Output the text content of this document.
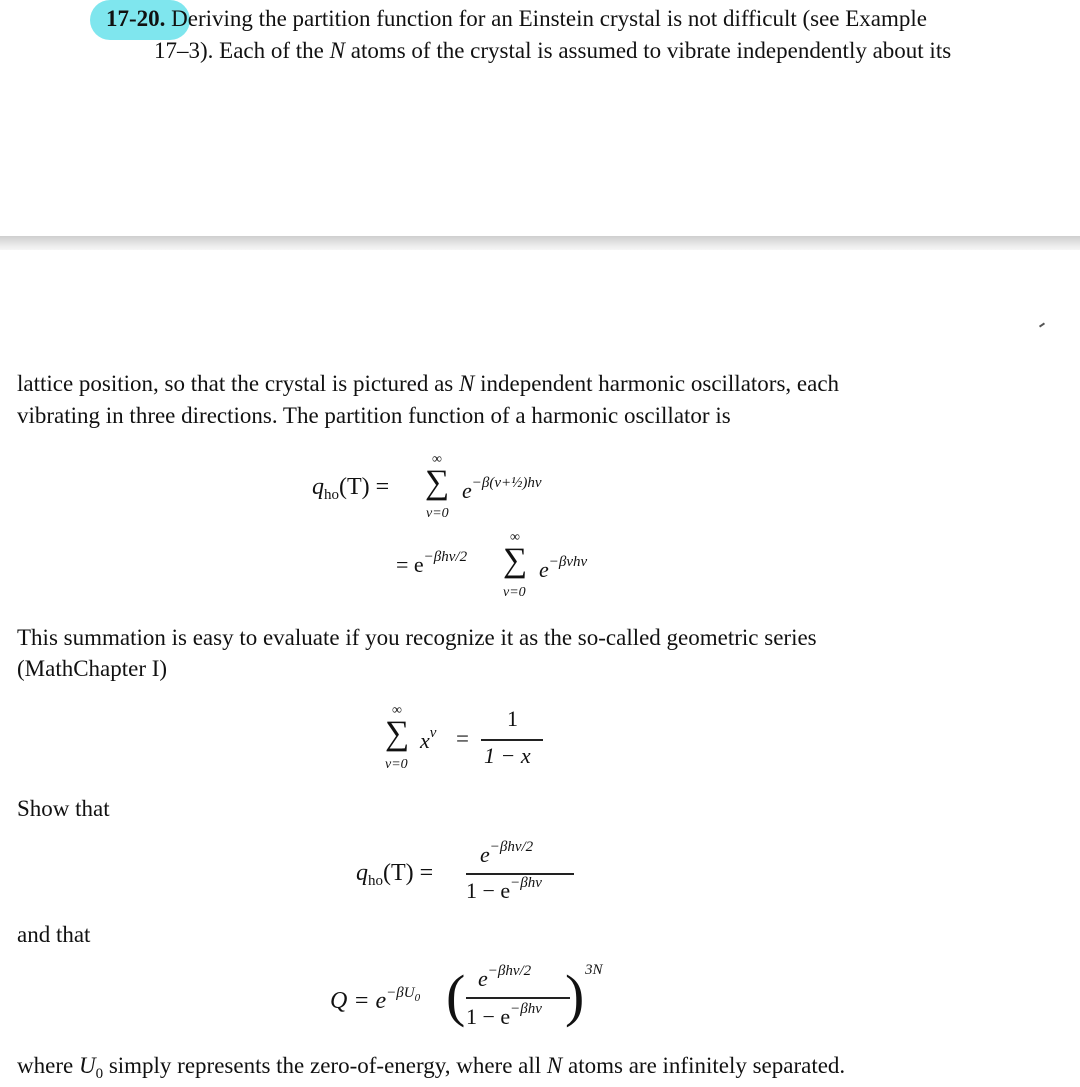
17-20. Deriving the partition function for an Einstein crystal is not difficult (see Example
17–3). Each of the N atoms of the crystal is assumed to vibrate independently about its
lattice position, so that the crystal is pictured as N independent harmonic oscillators, each
vibrating in three directions. The partition function of a harmonic oscillator is
$q_{ho}(T)$ =
∞
∑
v=0
$e^{-\beta(v+\frac{1}{2})h\nu}$
= $e^{-\beta h\nu/2}$
∞
∑
v=0
$e^{-\beta vh\nu}$
This summation is easy to evaluate if you recognize it as the so-called geometric series
(MathChapter I)
∞
∑
v=0
$x^v$ =
1
1 − x
Show that
$q_{ho}(T)$ =
$e^{-\beta h\nu/2}$
$1 - e^{-\beta h\nu}$
and that
$Q = e^{-\beta U_0}$ ( $e^{-\beta h\nu/2}$
$1 - e^{-\beta h\nu}$ ) 3N
where $U_0$ simply represents the zero-of-energy, where all N atoms are infinitely separated.
